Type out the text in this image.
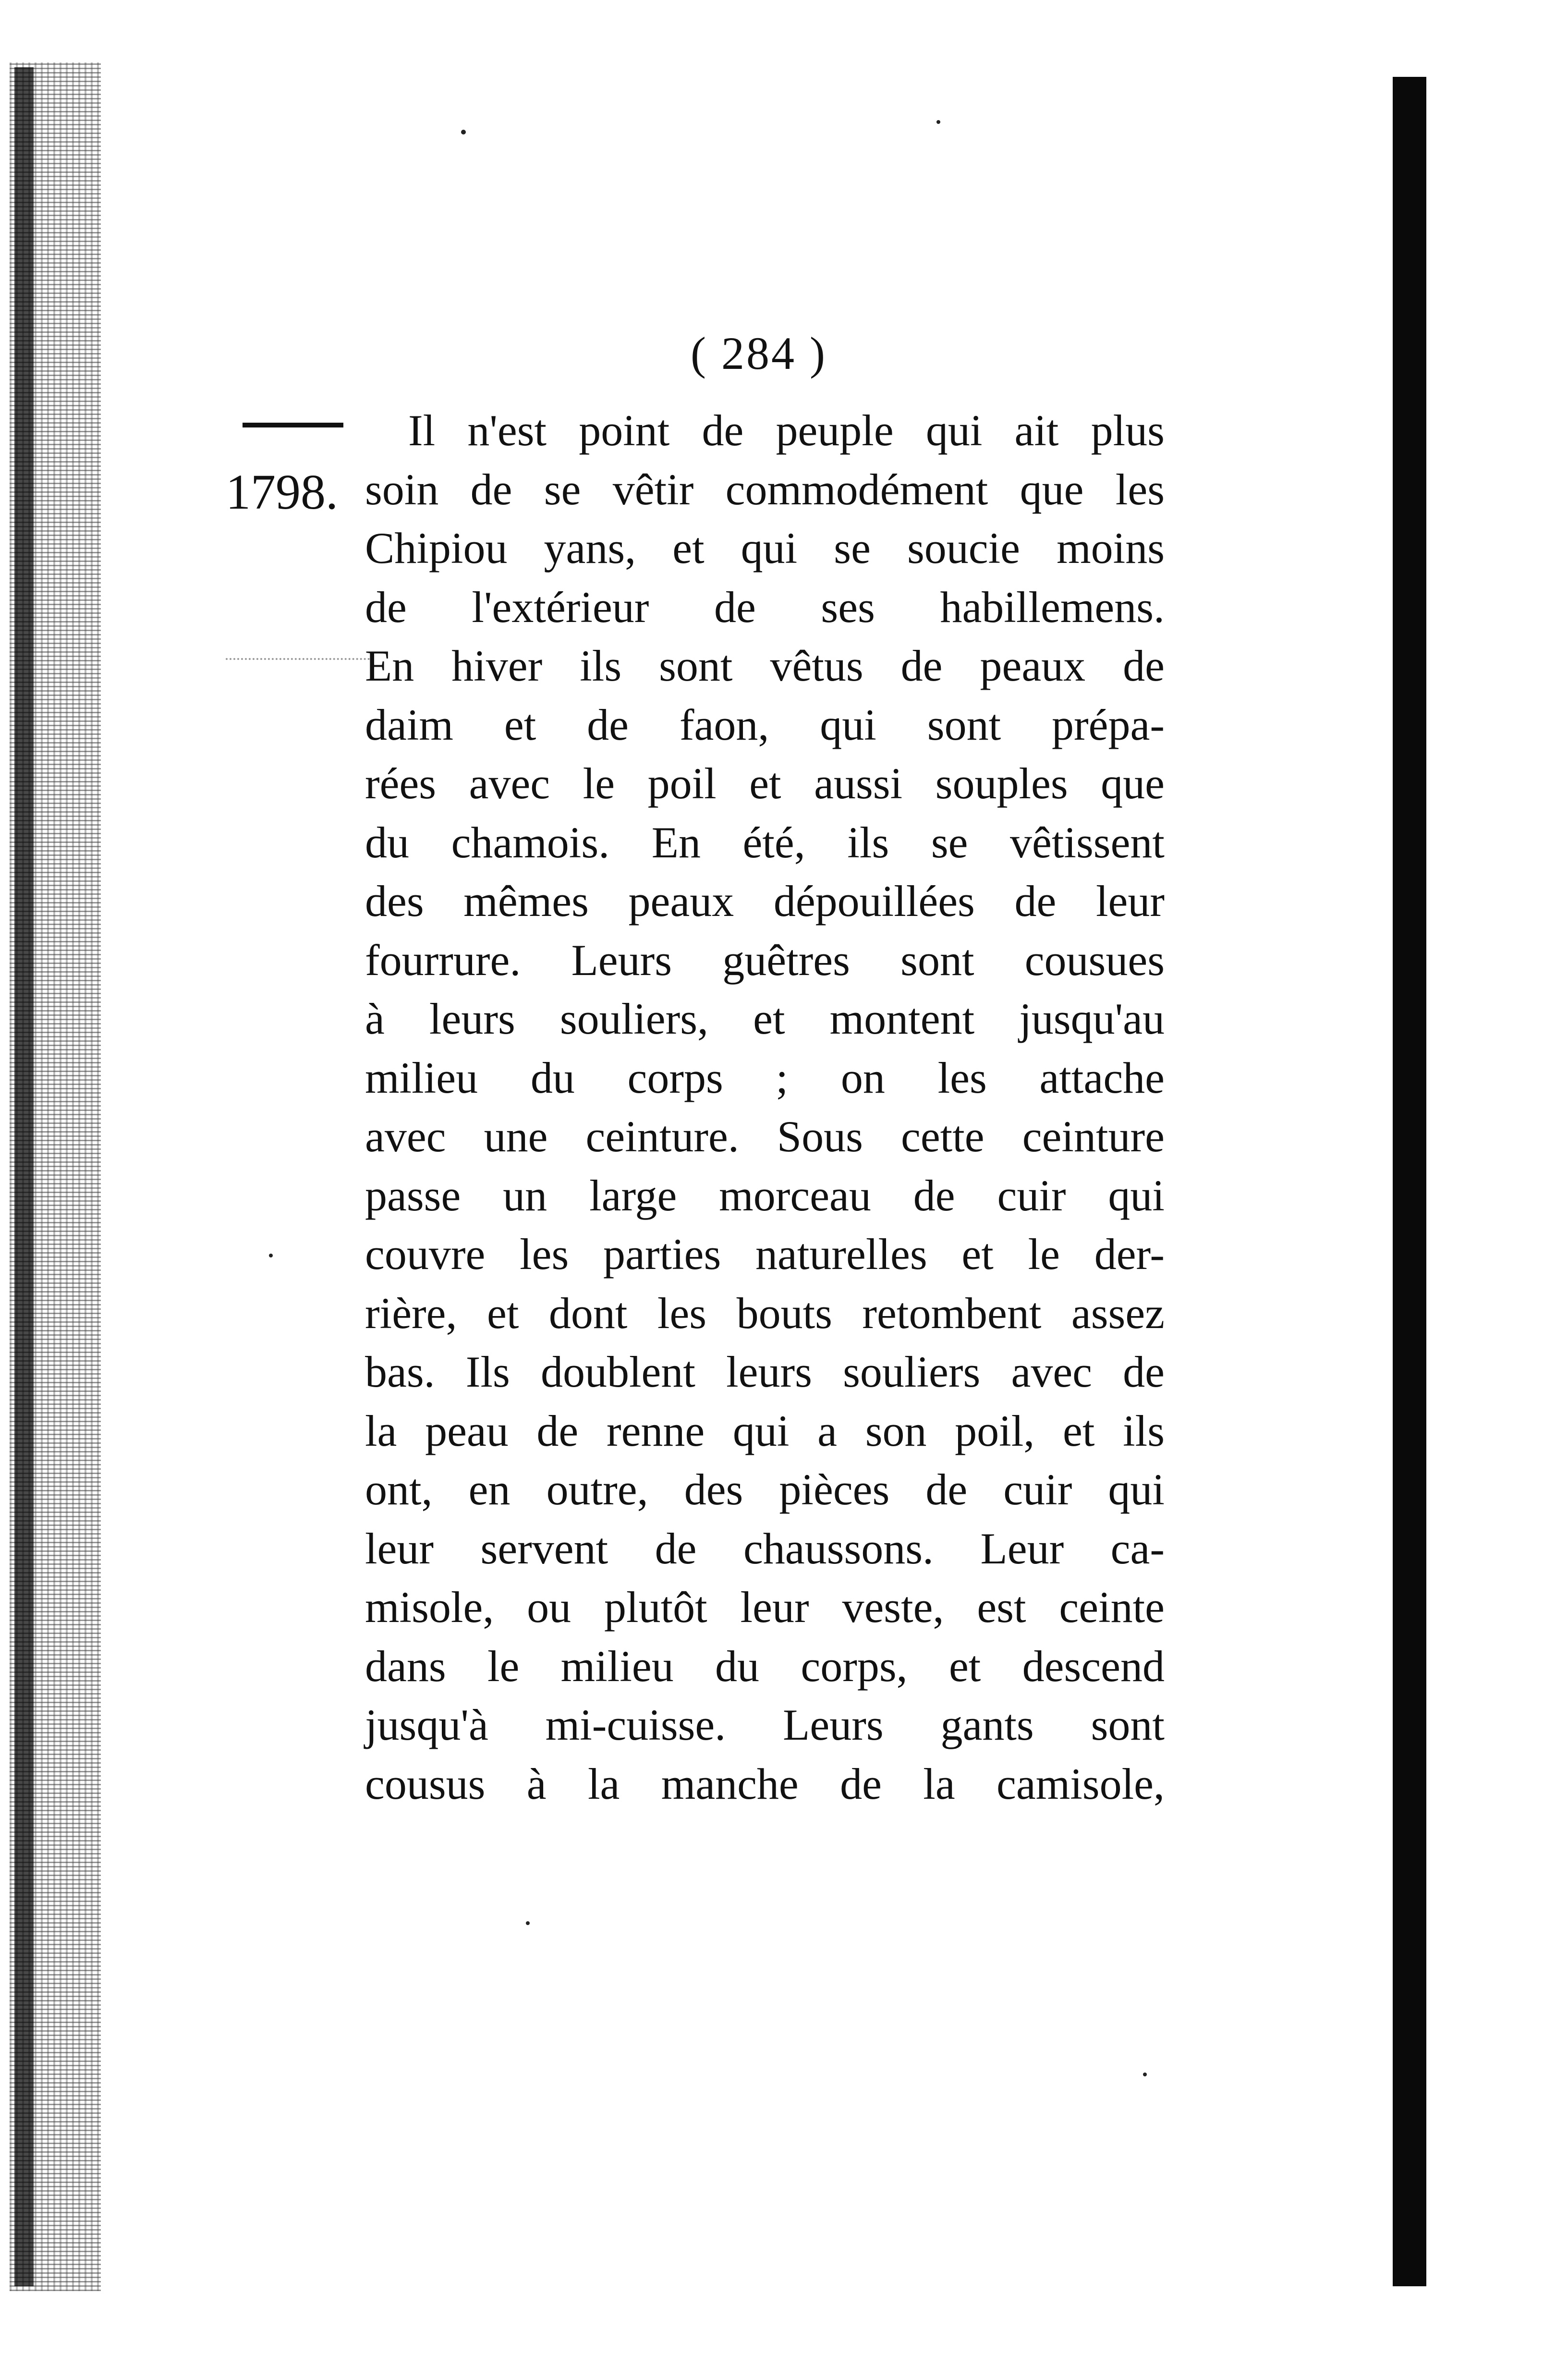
( 284 )
1798.
Il n'est point de peuple qui ait plus
soin de se vêtir commodément que les
Chipiou yans, et qui se soucie moins
de l'extérieur de ses habillemens.
En hiver ils sont vêtus de peaux de
daim et de faon, qui sont prépa-
rées avec le poil et aussi souples que
du chamois. En été, ils se vêtissent
des mêmes peaux dépouillées de leur
fourrure. Leurs guêtres sont cousues
à leurs souliers, et montent jusqu'au
milieu du corps ; on les attache
avec une ceinture. Sous cette ceinture
passe un large morceau de cuir qui
couvre les parties naturelles et le der-
rière, et dont les bouts retombent assez
bas. Ils doublent leurs souliers avec de
la peau de renne qui a son poil, et ils
ont, en outre, des pièces de cuir qui
leur servent de chaussons. Leur ca-
misole, ou plutôt leur veste, est ceinte
dans le milieu du corps, et descend
jusqu'à mi-cuisse. Leurs gants sont
cousus à la manche de la camisole,
